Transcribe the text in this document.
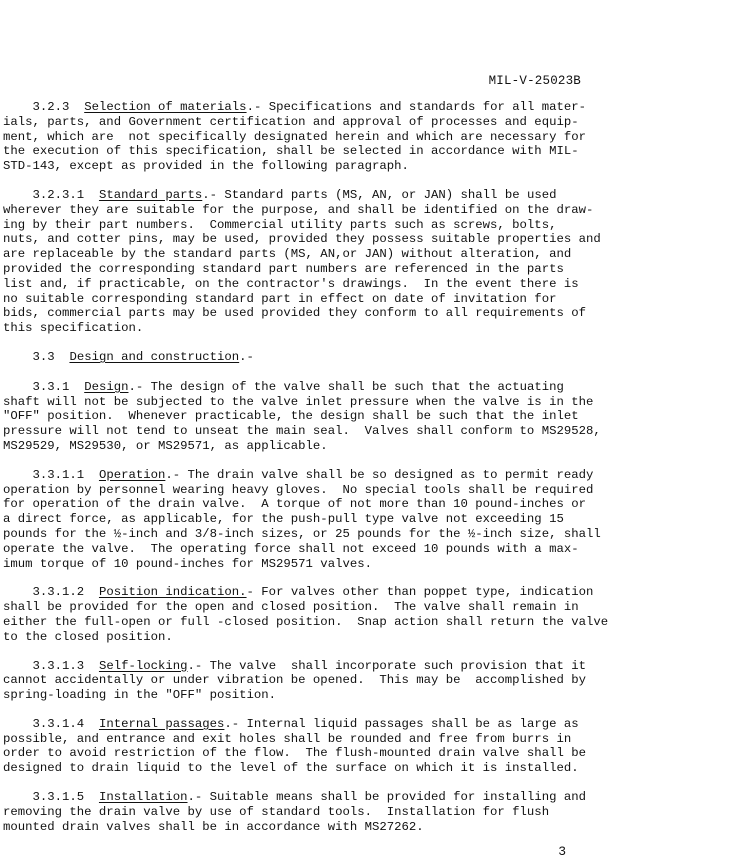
MIL-V-25023B

3.2.3 Selection of materials.- Specifications and standards for all mater-
ials, parts, and Government certification and approval of processes and equip-
ment, which are  not specifically designated herein and which are necessary for
the execution of this specification, shall be selected in accordance with MIL-
STD-143, except as provided in the following paragraph.

3.2.3.1 Standard parts.- Standard parts (MS, AN, or JAN) shall be used
wherever they are suitable for the purpose, and shall be identified on the draw-
ing by their part numbers.  Commercial utility parts such as screws, bolts,
nuts, and cotter pins, may be used, provided they possess suitable properties and
are replaceable by the standard parts (MS, AN,or JAN) without alteration, and
provided the corresponding standard part numbers are referenced in the parts
list and, if practicable, on the contractor's drawings.  In the event there is
no suitable corresponding standard part in effect on date of invitation for
bids, commercial parts may be used provided they conform to all requirements of
this specification.

3.3 Design and construction.-

3.3.1 Design.- The design of the valve shall be such that the actuating
shaft will not be subjected to the valve inlet pressure when the valve is in the
"OFF" position.  Whenever practicable, the design shall be such that the inlet
pressure will not tend to unseat the main seal.  Valves shall conform to MS29528,
MS29529, MS29530, or MS29571, as applicable.

3.3.1.1 Operation.- The drain valve shall be so designed as to permit ready
operation by personnel wearing heavy gloves.  No special tools shall be required
for operation of the drain valve.  A torque of not more than 10 pound-inches or
a direct force, as applicable, for the push-pull type valve not exceeding 15
pounds for the ½-inch and 3/8-inch sizes, or 25 pounds for the ½-inch size, shall
operate the valve.  The operating force shall not exceed 10 pounds with a max-
imum torque of 10 pound-inches for MS29571 valves.

3.3.1.2 Position indication.- For valves other than poppet type, indication
shall be provided for the open and closed position.  The valve shall remain in
either the full-open or full -closed position.  Snap action shall return the valve
to the closed position.

3.3.1.3 Self-locking.- The valve  shall incorporate such provision that it
cannot accidentally or under vibration be opened.  This may be  accomplished by
spring-loading in the "OFF" position.

3.3.1.4 Internal passages.- Internal liquid passages shall be as large as
possible, and entrance and exit holes shall be rounded and free from burrs in
order to avoid restriction of the flow.  The flush-mounted drain valve shall be
designed to drain liquid to the level of the surface on which it is installed.

3.3.1.5 Installation.- Suitable means shall be provided for installing and
removing the drain valve by use of standard tools.  Installation for flush
mounted drain valves shall be in accordance with MS27262.

3
